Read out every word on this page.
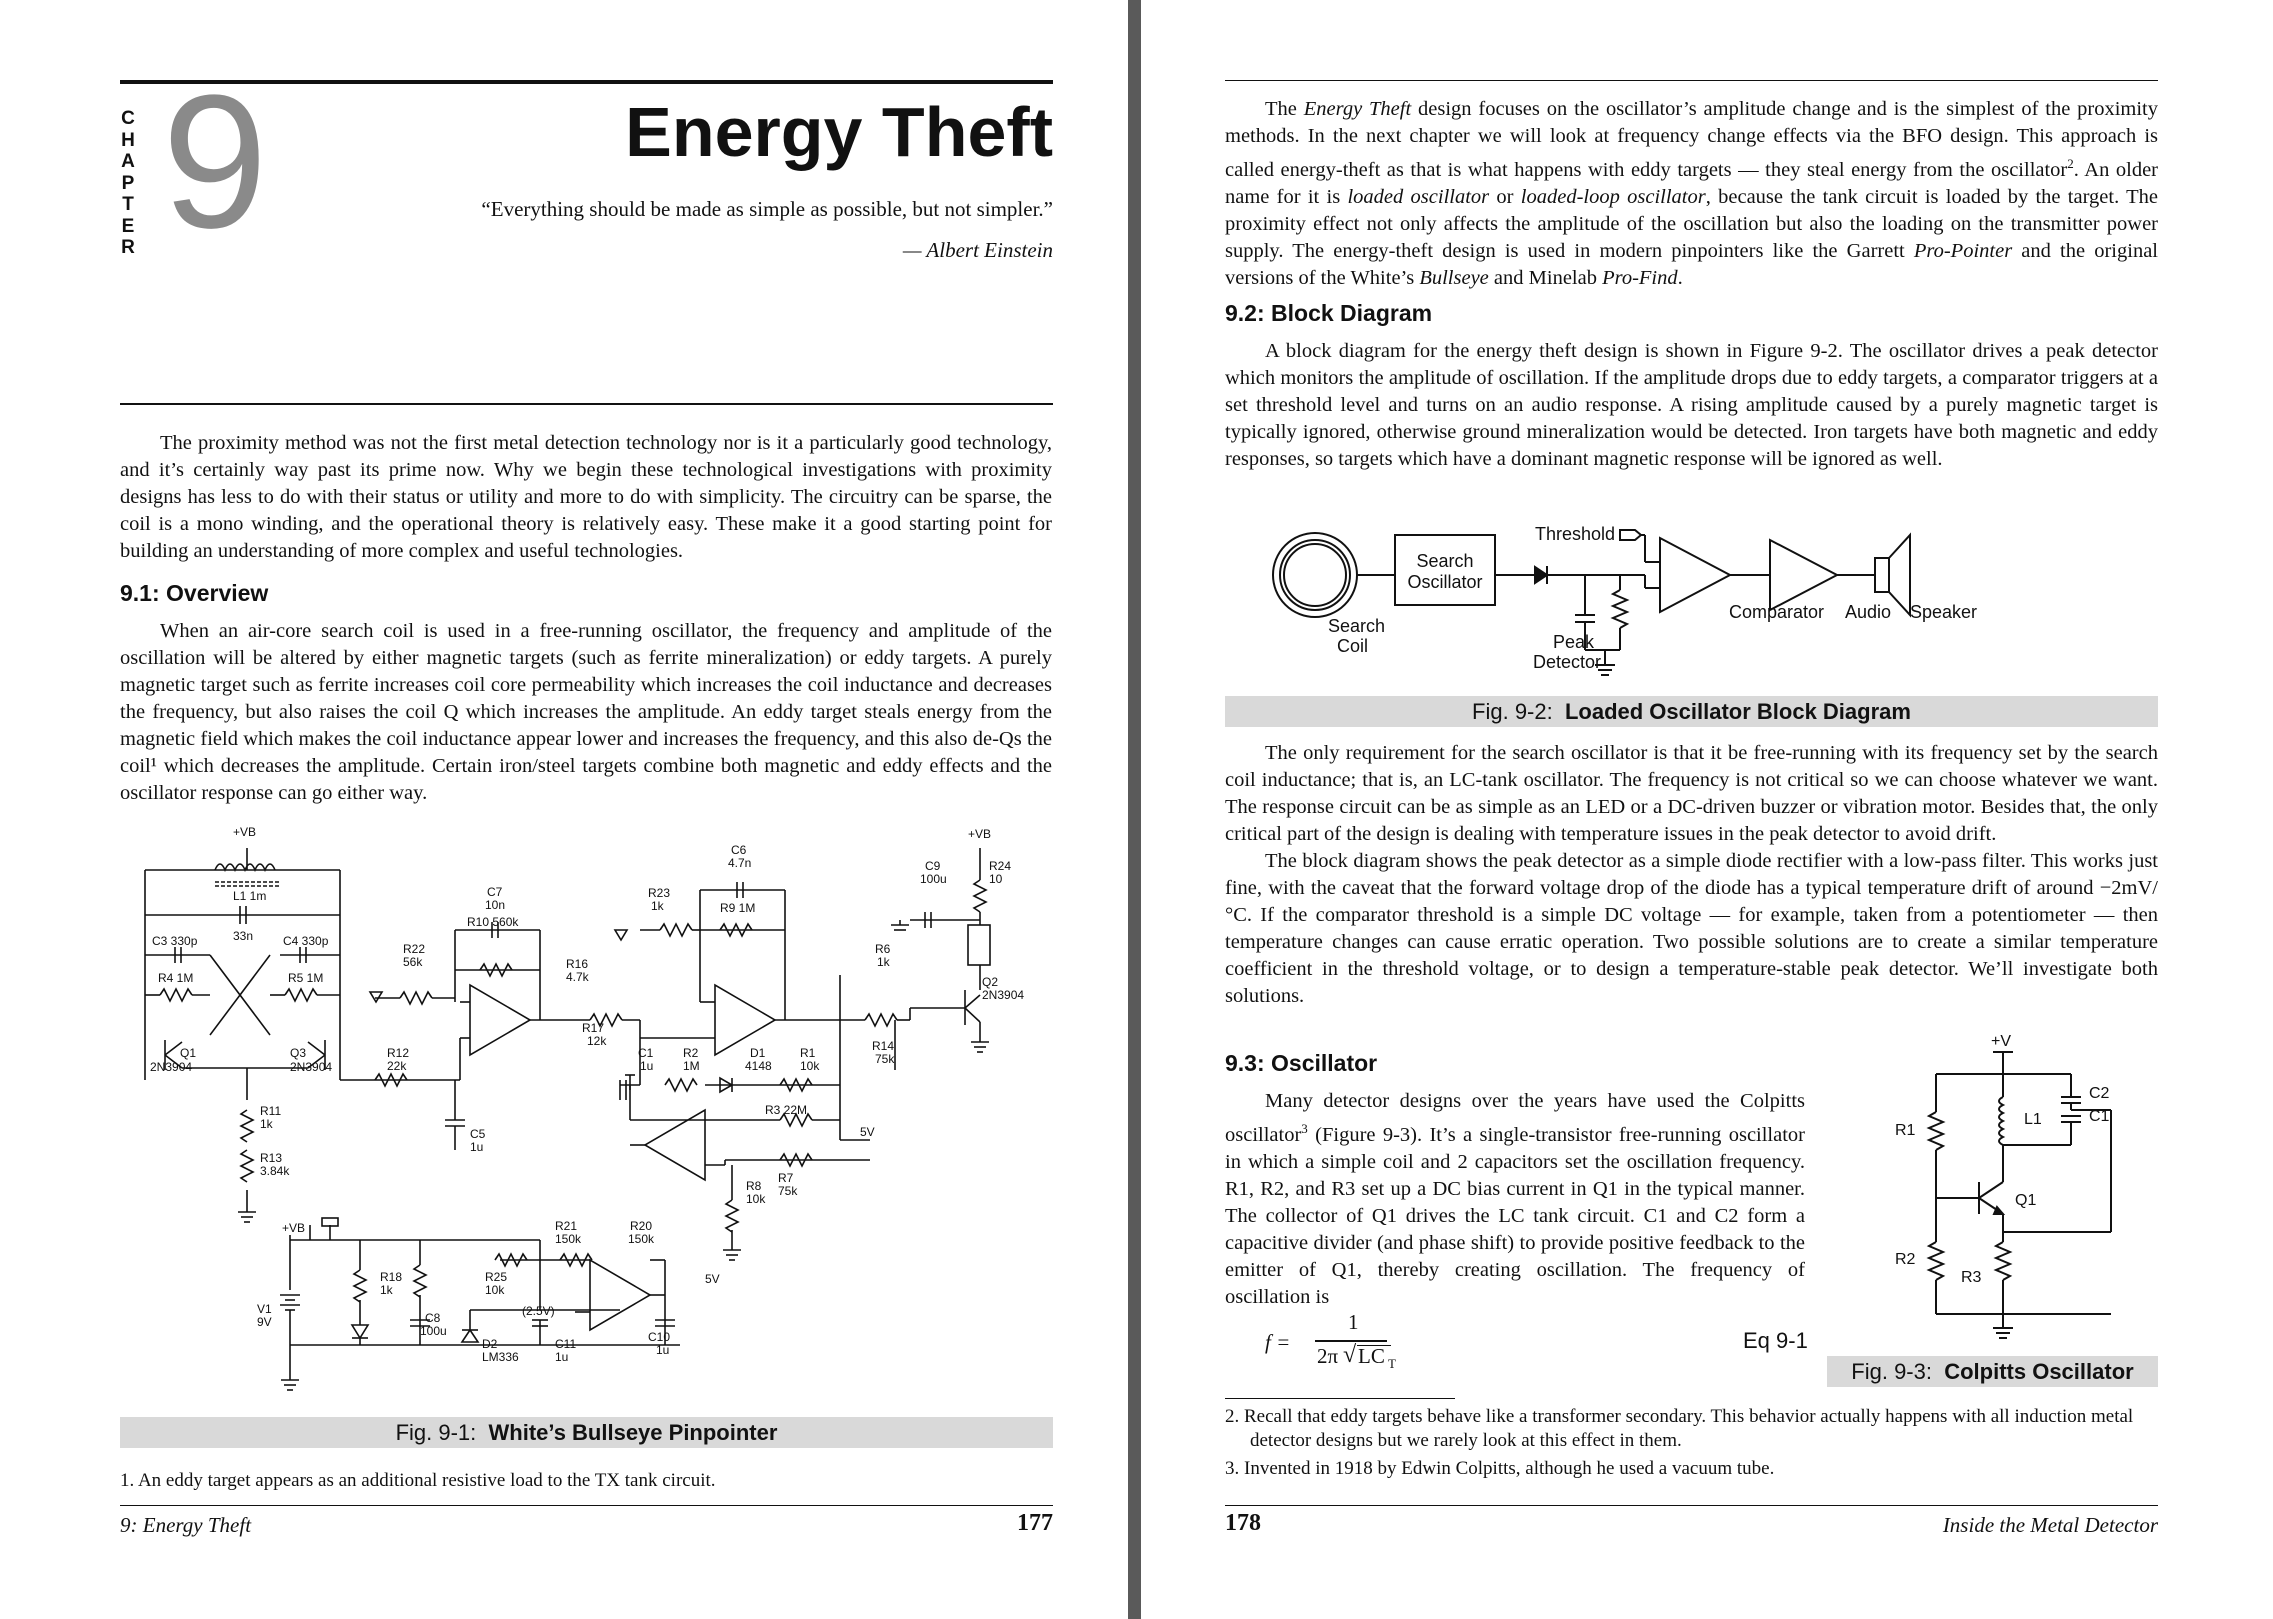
C
H
A
P
T
E
R 9	Energy Theft
“Everything should be made as simple as possible, but not simpler.”
— Albert Einstein

The proximity method was not the first metal detection technology nor is it a particularly good technology, and it’s certainly way past its prime now. Why we begin these technological investigations with proximity designs has less to do with their status or utility and more to do with simplicity. The circuitry can be sparse, the coil is a mono winding, and the operational theory is relatively easy. These make it a good starting point for building an understanding of more complex and useful technologies.

9.1: Overview

When an air-core search coil is used in a free-running oscillator, the frequency and amplitude of the oscillation will be altered by either magnetic targets (such as ferrite mineralization) or eddy targets. A purely magnetic target such as ferrite increases coil core permeability which increases the coil inductance and decreases the frequency, but also raises the coil Q which increases the amplitude. An eddy target steals energy from the magnetic field which makes the coil inductance appear lower and increases the frequency, and this also de-Qs the coil¹ which decreases the amplitude. Certain iron/steel targets combine both magnetic and eddy effects and the oscillator response can go either way.

+VB
L1 1m
C3 330p	33n C4 330p
R4 1M	R5 1M
Q1
2N3904
Q3
2N3904
R11
1k
R13
3.84k
C7
10n
R10 560k
R22
56k	R16
4.7k
R12
22k
C5
1u
C6
4.7n
R23
1k	R9 1M
R17
12k
C1
1u
R2
1M
D1
4148
R1
10k
R3 22M
R8
10k
R7
75k
5V
C9
100u
R24
10
R6
1k
Q2
2N3904
R14
75k
R21
150k
R20
150k
+VB
R18
1k
R25
10k
(2.5V)
C8
100u
D2
LM336
C11
1u
C10
1u
V1
9V
5V
+VB
Fig. 9-1: White’s Bullseye Pinpointer
1. An eddy target appears as an additional resistive load to the TX tank circuit.
9: Energy Theft	177

The Energy Theft design focuses on the oscillator’s amplitude change and is the simplest of the proximity methods. In the next chapter we will look at frequency change effects via the BFO design. This approach is called energy-theft as that is what happens with eddy targets — they steal energy from the oscillator$^2$. An older name for it is loaded oscillator or loaded-loop oscillator, because the tank circuit is loaded by the target. The proximity effect not only affects the amplitude of the oscillation but also the loading on the transmitter power supply. The energy-theft design is used in modern pinpointers like the Garrett Pro-Pointer and the original versions of the White’s Bullseye and Minelab Pro-Find.

9.2: Block Diagram

A block diagram for the energy theft design is shown in Figure 9-2. The oscillator drives a peak detector which monitors the amplitude of oscillation. If the amplitude drops due to eddy targets, a comparator triggers at a set threshold level and turns on an audio response. A rising amplitude caused by a purely magnetic target is typically ignored, otherwise ground mineralization would be detected. Iron targets have both magnetic and eddy responses, so targets which have a dominant magnetic response will be ignored as well.

Search
Coil
Search
Oscillator
Threshold
Peak
Detector
Comparator Audio Speaker
Fig. 9-2: Loaded Oscillator Block Diagram

The only requirement for the search oscillator is that it be free-running with its frequency set by the search coil inductance; that is, an LC-tank oscillator. The frequency is not critical so we can choose whatever we want. The response circuit can be as simple as an LED or a DC-driven buzzer or vibration motor. Besides that, the only critical part of the design is dealing with temperature issues in the peak detector to avoid drift.

The block diagram shows the peak detector as a simple diode rectifier with a low-pass filter. This works just fine, with the caveat that the forward voltage drop of the diode has a typical temperature drift of around −2mV/°C. If the comparator threshold is a simple DC voltage — for example, taken from a potentiometer — then temperature changes can cause erratic operation. Two possible solutions are to create a similar temperature coefficient in the threshold voltage, or to design a temperature-stable peak detector. We’ll investigate both solutions.

9.3: Oscillator

Many detector designs over the years have used the Colpitts oscillator$^3$ (Figure 9-3). It’s a single-transistor free-running oscillator in which a simple coil and 2 capacitors set the oscillation frequency. R1, R2, and R3 set up a DC bias current in Q1 in the typical manner. The collector of Q1 drives the LC tank circuit. C1 and C2 form a capacitive divider (and phase shift) to provide positive feedback to the emitter of Q1, thereby creating oscillation. The frequency of oscillation is

f =
1
2π √ LC T
Eq 9-1
+V
C2
L1	C1
R1
Q1
R2
R3
Fig. 9-3: Colpitts Oscillator
2. Recall that eddy targets behave like a transformer secondary. This behavior actually happens with all induction metal detector designs but we rarely look at this effect in them.
3. Invented in 1918 by Edwin Colpitts, although he used a vacuum tube.
178	Inside the Metal Detector
